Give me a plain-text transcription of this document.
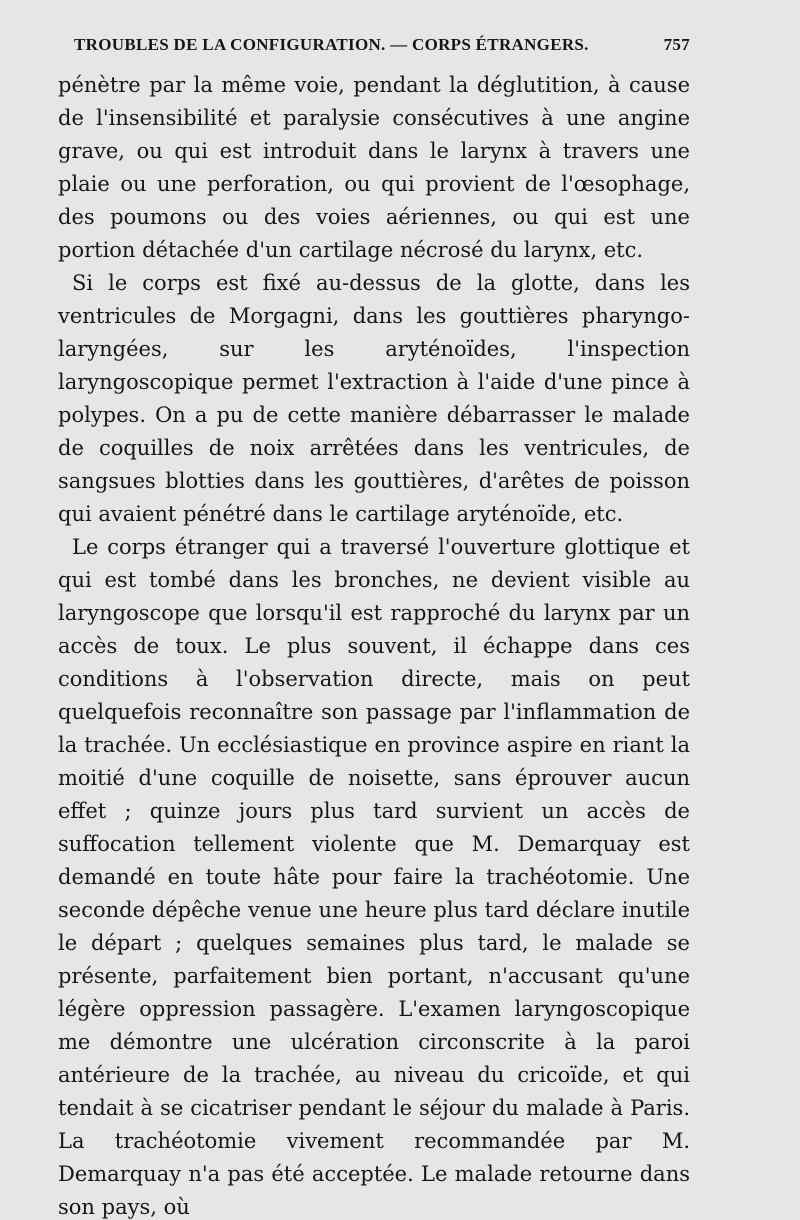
TROUBLES DE LA CONFIGURATION. — CORPS ÉTRANGERS.	757

pénètre par la même voie, pendant la déglutition, à cause de l'insensibilité et paralysie consécutives à une angine grave, ou qui est introduit dans le larynx à travers une plaie ou une perforation, ou qui provient de l'œsophage, des poumons ou des voies aériennes, ou qui est une portion détachée d'un cartilage nécrosé du larynx, etc.

Si le corps est fixé au-dessus de la glotte, dans les ventricules de Morgagni, dans les gouttières pharyngo-laryngées, sur les aryténoïdes, l'inspection laryngoscopique permet l'extraction à l'aide d'une pince à polypes. On a pu de cette manière débarrasser le malade de coquilles de noix arrêtées dans les ventricules, de sangsues blotties dans les gouttières, d'arêtes de poisson qui avaient pénétré dans le cartilage aryténoïde, etc.

Le corps étranger qui a traversé l'ouverture glottique et qui est tombé dans les bronches, ne devient visible au laryngoscope que lorsqu'il est rapproché du larynx par un accès de toux. Le plus souvent, il échappe dans ces conditions à l'observation directe, mais on peut quelquefois reconnaître son passage par l'inflammation de la trachée. Un ecclésiastique en province aspire en riant la moitié d'une coquille de noisette, sans éprouver aucun effet ; quinze jours plus tard survient un accès de suffocation tellement violente que M. Demarquay est demandé en toute hâte pour faire la trachéotomie. Une seconde dépêche venue une heure plus tard déclare inutile le départ ; quelques semaines plus tard, le malade se présente, parfaitement bien portant, n'accusant qu'une légère oppression passagère. L'examen laryngoscopique me démontre une ulcération circonscrite à la paroi antérieure de la trachée, au niveau du cricoïde, et qui tendait à se cicatriser pendant le séjour du malade à Paris. La trachéotomie vivement recommandée par M. Demarquay n'a pas été acceptée. Le malade retourne dans son pays, où
